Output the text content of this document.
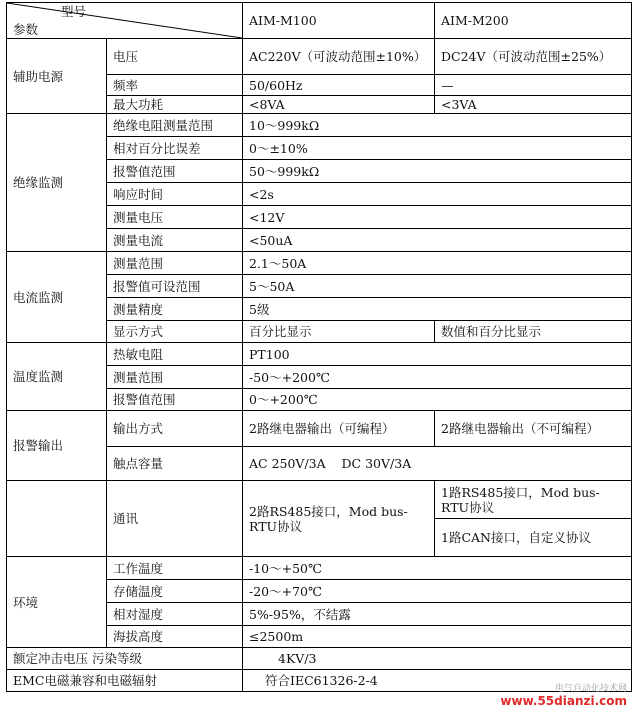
型号
参数		AIM-M100	AIM-M200
辅助电源	电压	AC220V（可波动范围±10%）	DC24V（可波动范围±25%）
	频率	50/60Hz	—
	最大功耗	<8VA	<3VA
绝缘监测	绝缘电阻测量范围	10～999kΩ	
	相对百分比误差	0～±10%	
	报警值范围	50～999kΩ	
	响应时间	<2s	
	测量电压	<12V	
	测量电流	<50uA	
电流监测	测量范围	2.1～50A	
	报警值可设范围	5～50A	
	测量精度	5级	
	显示方式	百分比显示	数值和百分比显示
温度监测	热敏电阻	PT100	
	测量范围	-50～+200℃	
	报警值范围	0～+200℃	
报警输出	输出方式	2路继电器输出（可编程）	2路继电器输出（不可编程）
	触点容量	AC 250V/3A    DC 30V/3A	
	通讯	2路RS485接口，Mod bus-RTU协议	1路RS485接口，Mod bus-RTU协议
			1路CAN接口，自定义协议
环境	工作温度	-10～+50℃	
	存储温度	-20～+70℃	
	相对湿度	5%-95%，不结露	
	海拔高度	≤2500m	
额定冲击电压 污染等级		4KV/3	
EMC电磁兼容和电磁辐射		符合IEC61326-2-4	
电气自动化技术网
www.55dianzi.com
